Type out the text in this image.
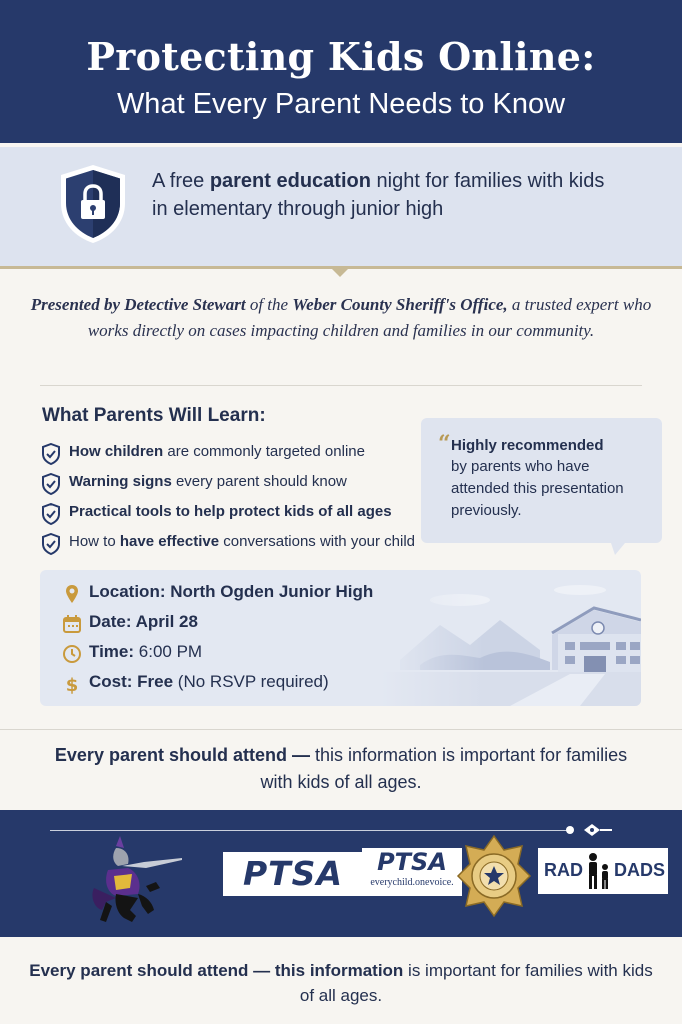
Protecting Kids Online:
What Every Parent Needs to Know
A free parent education night for families with kids in elementary through junior high
Presented by Detective Stewart of the Weber County Sheriff's Office, a trusted expert who works directly on cases impacting children and families in our community.
What Parents Will Learn:
How children are commonly targeted online
Warning signs every parent should know
Practical tools to help protect kids of all ages
How to have effective conversations with your child
“ Highly recommended
by parents who have attended this presentation previously.
Location: North Ogden Junior High
Date: April 28
Time: 6:00 PM
$ Cost: Free (No RSVP required)
Every parent should attend — this information is important for families with kids of all ages.
PTSA	PTSA
everychild.onevoice.
RAD DADS
Every parent should attend — this information is important for families with kids of all ages.
